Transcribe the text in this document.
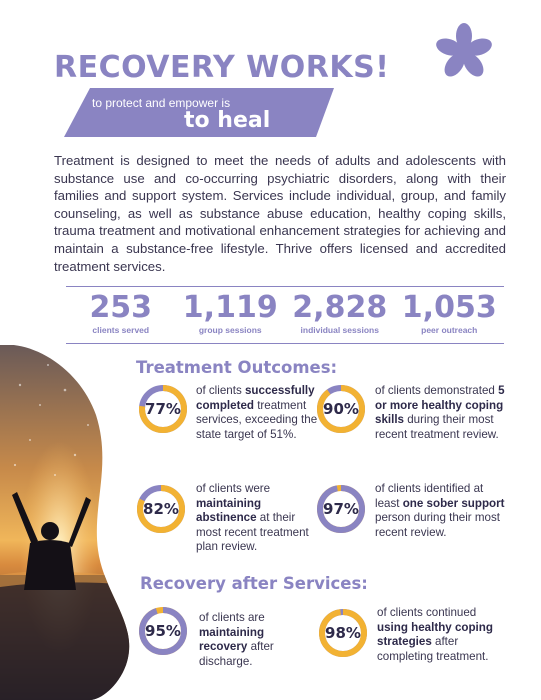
RECOVERY WORKS!
to protect and empower is
to heal

Treatment is designed to meet the needs of adults and adolescents with substance use and co-occurring psychiatric disorders, along with their families and support system. Services include individual, group, and family counseling, as well as substance abuse education, healthy coping skills, trauma treatment and motivational enhancement strategies for achieving and maintain a substance-free lifestyle. Thrive offers licensed and accredited treatment services.

253
clients served
1,119
group sessions
2,828
individual sessions
1,053
peer outreach
Treatment Outcomes:
77%

of clients successfully completed treatment services, exceeding the state target of 51%.

90%

of clients demonstrated 5 or more healthy coping skills during their most recent treatment review.

82%

of clients were maintaining abstinence at their most recent treatment plan review.

97%

of clients identified at least one sober support person during their most recent review.

Recovery after Services:
95%

of clients are maintaining recovery after discharge.

98%

of clients continued using healthy coping strategies after completing treatment.
